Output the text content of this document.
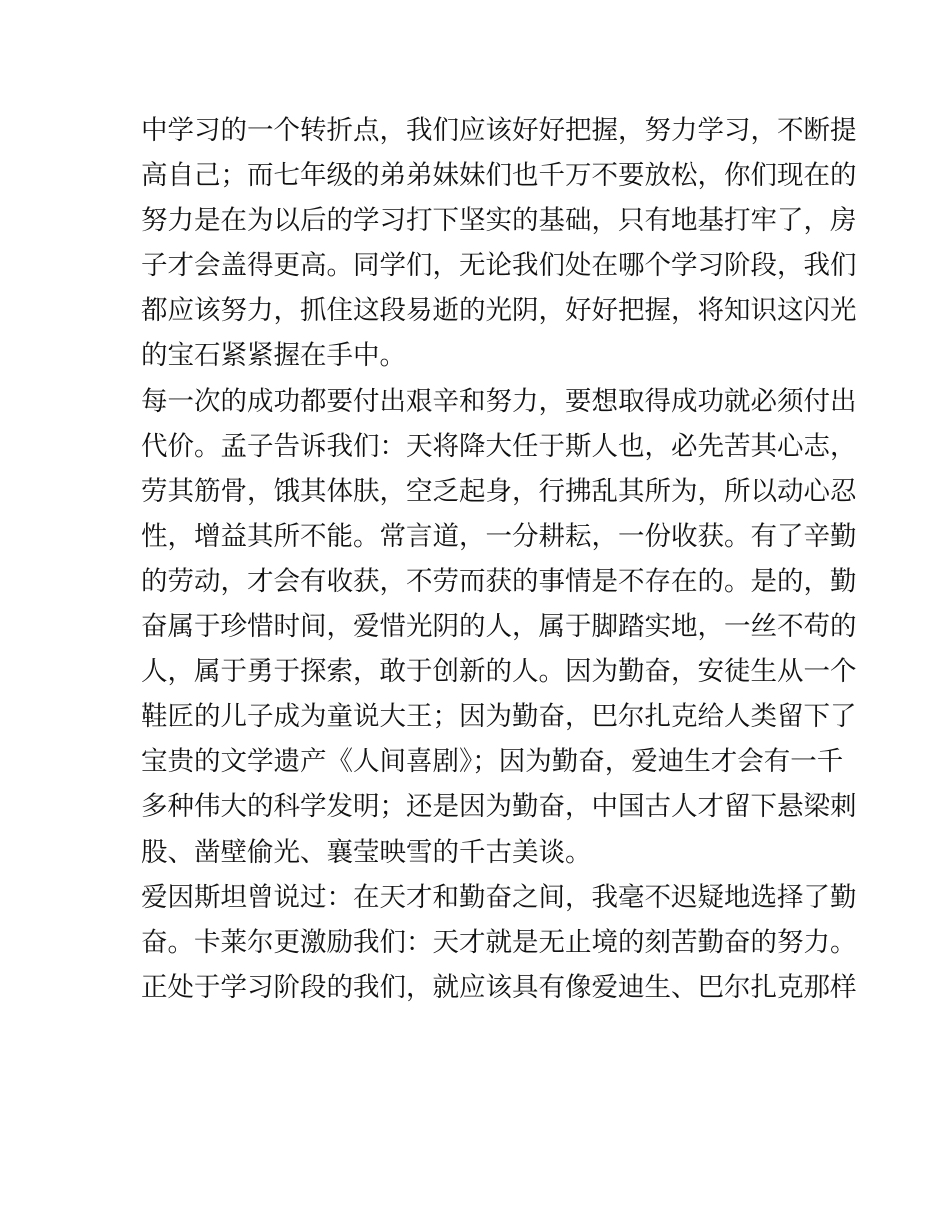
中学习的一个转折点，我们应该好好把握，努力学习，不断提
高自己；而七年级的弟弟妹妹们也千万不要放松，你们现在的
努力是在为以后的学习打下坚实的基础，只有地基打牢了，房
子才会盖得更高。同学们，无论我们处在哪个学习阶段，我们
都应该努力，抓住这段易逝的光阴，好好把握，将知识这闪光
的宝石紧紧握在手中。
每一次的成功都要付出艰辛和努力，要想取得成功就必须付出
代价。孟子告诉我们：天将降大任于斯人也，必先苦其心志，
劳其筋骨，饿其体肤，空乏起身，行拂乱其所为，所以动心忍
性，增益其所不能。常言道，一分耕耘，一份收获。有了辛勤
的劳动，才会有收获，不劳而获的事情是不存在的。是的，勤
奋属于珍惜时间，爱惜光阴的人，属于脚踏实地，一丝不苟的
人，属于勇于探索，敢于创新的人。因为勤奋，安徒生从一个
鞋匠的儿子成为童说大王；因为勤奋，巴尔扎克给人类留下了
宝贵的文学遗产《人间喜剧》；因为勤奋，爱迪生才会有一千
多种伟大的科学发明；还是因为勤奋，中国古人才留下悬梁刺
股、凿壁偷光、襄莹映雪的千古美谈。
爱因斯坦曾说过：在天才和勤奋之间，我毫不迟疑地选择了勤
奋。卡莱尔更激励我们：天才就是无止境的刻苦勤奋的努力。
正处于学习阶段的我们，就应该具有像爱迪生、巴尔扎克那样
